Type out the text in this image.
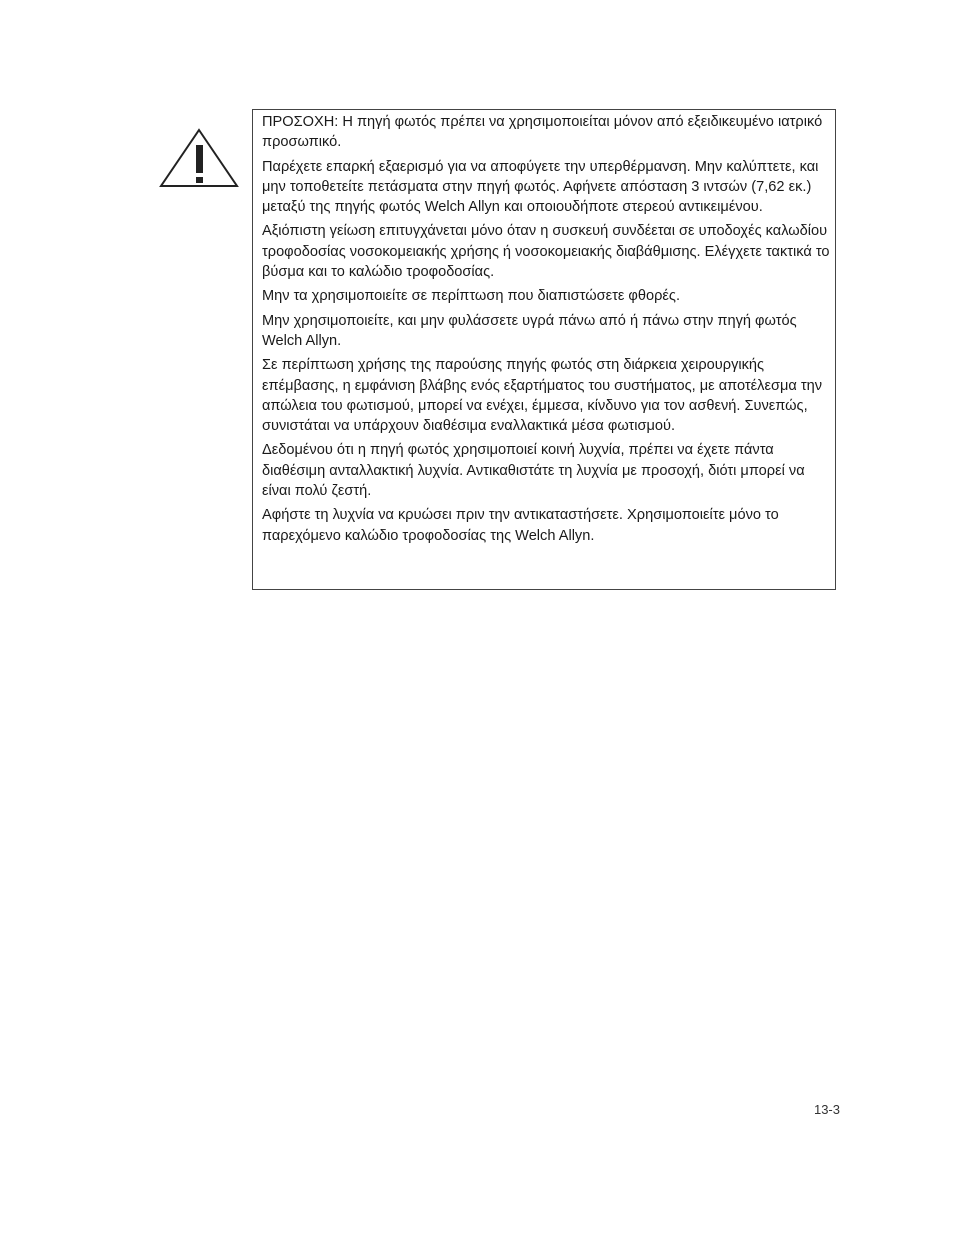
ΠΡΟΣΟΧΗ: Η πηγή φωτός πρέπει να χρησιμοποιείται μόνον από εξειδικευμένο ιατρικό προσωπικό.

Παρέχετε επαρκή εξαερισμό για να αποφύγετε την υπερθέρμανση. Μην καλύπτετε, και μην τοποθετείτε πετάσματα στην πηγή φωτός. Αφήνετε απόσταση 3 ιντσών (7,62 εκ.) μεταξύ της πηγής φωτός Welch Allyn και οποιουδήποτε στερεού αντικειμένου.

Αξιόπιστη γείωση επιτυγχάνεται μόνο όταν η συσκευή συνδέεται σε υποδοχές καλωδίου τροφοδοσίας νοσοκομειακής χρήσης ή νοσοκομειακής διαβάθμισης. Ελέγχετε τακτικά το βύσμα και το καλώδιο τροφοδοσίας.

Μην τα χρησιμοποιείτε σε περίπτωση που διαπιστώσετε φθορές.

Μην χρησιμοποιείτε, και μην φυλάσσετε υγρά πάνω από ή πάνω στην πηγή φωτός Welch Allyn.

Σε περίπτωση χρήσης της παρούσης πηγής φωτός στη διάρκεια χειρουργικής επέμβασης, η εμφάνιση βλάβης ενός εξαρτήματος του συστήματος, με αποτέλεσμα την απώλεια του φωτισμού, μπορεί να ενέχει, έμμεσα, κίνδυνο για τον ασθενή. Συνεπώς, συνιστάται να υπάρχουν διαθέσιμα εναλλακτικά μέσα φωτισμού.

Δεδομένου ότι η πηγή φωτός χρησιμοποιεί κοινή λυχνία, πρέπει να έχετε πάντα διαθέσιμη ανταλλακτική λυχνία. Αντικαθιστάτε τη λυχνία με προσοχή, διότι μπορεί να είναι πολύ ζεστή.

Αφήστε τη λυχνία να κρυώσει πριν την αντικαταστήσετε. Χρησιμοποιείτε μόνο το παρεχόμενο καλώδιο τροφοδοσίας της Welch Allyn.

13-3
